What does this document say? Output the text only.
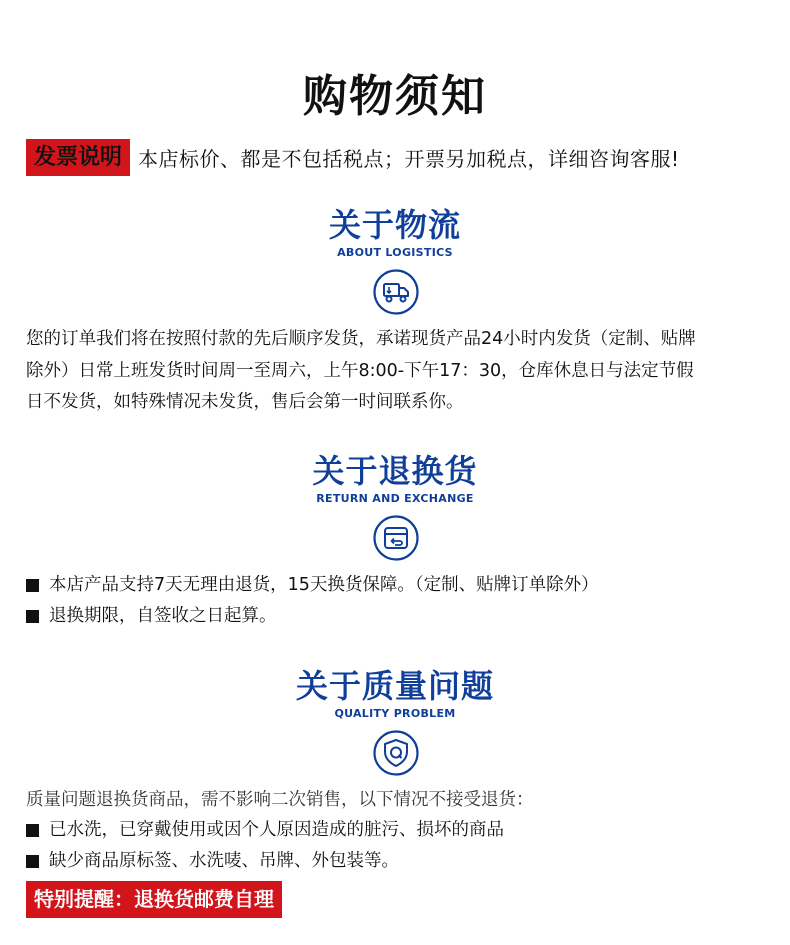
购物须知
发票说明 本店标价、都是不包括税点；开票另加税点，详细咨询客服!
关于物流
ABOUT LOGISTICS
您的订单我们将在按照付款的先后顺序发货，承诺现货产品24小时内发货（定制、贴牌
除外）日常上班发货时间周一至周六，上午8:00-下午17：30，仓库休息日与法定节假
日不发货，如特殊情况未发货，售后会第一时间联系你。
关于退换货
RETURN AND EXCHANGE
本店产品支持7天无理由退货，15天换货保障。（定制、贴牌订单除外）
退换期限，自签收之日起算。
关于质量问题
QUALITY PROBLEM
质量问题退换货商品，需不影响二次销售，以下情况不接受退货：
已水洗，已穿戴使用或因个人原因造成的脏污、损坏的商品
缺少商品原标签、水洗唛、吊牌、外包装等。
特别提醒：退换货邮费自理
